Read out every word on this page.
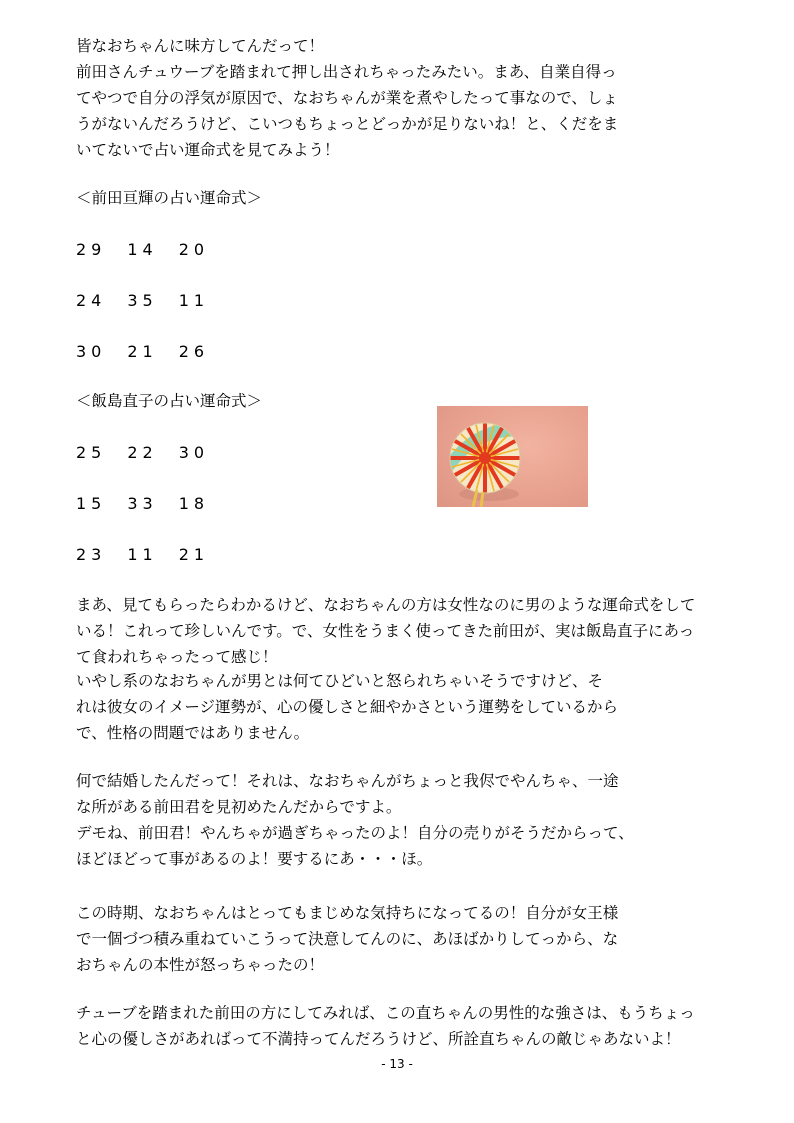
皆なおちゃんに味方してんだって！
前田さんチュウーブを踏まれて押し出されちゃったみたい。まあ、自業自得っ
てやつで自分の浮気が原因で、なおちゃんが業を煮やしたって事なので、しょ
うがないんだろうけど、こいつもちょっとどっかが足りないね！と、くだをま
いてないで占い運命式を見てみよう！
＜前田亘輝の占い運命式＞
29　14　20
24　35　11
30　21　26
＜飯島直子の占い運命式＞
25　22　30
15　33　18
23　11　21
まあ、見てもらったらわかるけど、なおちゃんの方は女性なのに男のような運命式をして
いる！これって珍しいんです。で、女性をうまく使ってきた前田が、実は飯島直子にあっ
て食われちゃったって感じ！
いやし系のなおちゃんが男とは何てひどいと怒られちゃいそうですけど、そ
れは彼女のイメージ運勢が、心の優しさと細やかさという運勢をしているから
で、性格の問題ではありません。
何で結婚したんだって！それは、なおちゃんがちょっと我侭でやんちゃ、一途
な所がある前田君を見初めたんだからですよ。
デモね、前田君！やんちゃが過ぎちゃったのよ！自分の売りがそうだからって、
ほどほどって事があるのよ！要するにあ・・・ほ。
この時期、なおちゃんはとってもまじめな気持ちになってるの！自分が女王様
で一個づつ積み重ねていこうって決意してんのに、あほばかりしてっから、な
おちゃんの本性が怒っちゃったの！
チューブを踏まれた前田の方にしてみれば、この直ちゃんの男性的な強さは、もうちょっ
と心の優しさがあればって不満持ってんだろうけど、所詮直ちゃんの敵じゃあないよ！
- 13 -
